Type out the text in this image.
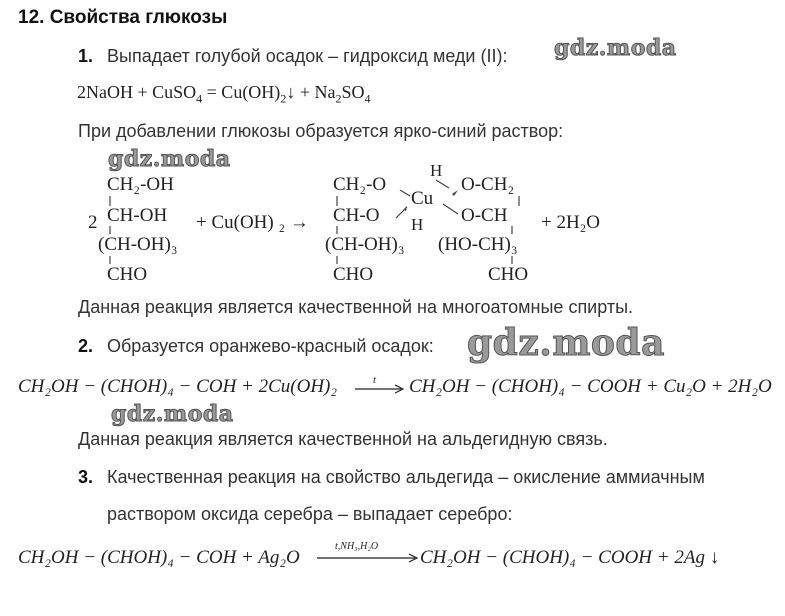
12. Свойства глюкозы
1. Выпадает голубой осадок – гидроксид меди (II): gdz.moda
2NaOH + CuSO$_4$ = $Cu(OH)_2↓ + Na_2SO_4$
При добавлении глюкозы образуется ярко-синий раствор:
gdz.moda
2
CH₂-OH
CH-OH
(CH-OH)₃
CHO
+ Cu(OH) ₂ →
CH₂-O
CH-O
(CH-OH)₃
CHO
H
Cu
H
O-CH₂
O-CH
(HO-CH)₃
CHO
+ 2H₂O
Данная реакция является качественной на многоатомные спирты.
2. Образуется оранжево-красный осадок: gdz.moda
CH₂OH − (CHOH)₄ − COH + 2Cu(OH)₂	t CH₂OH − (CHOH)₄ − COOH + Cu₂O + 2H₂O
gdz.moda
Данная реакция является качественной на альдегидную связь.
3. Качественная реакция на свойство альдегида – окисление аммиачным
раствором оксида серебра – выпадает серебро:
CH₂OH − (CHOH)₄ − COH + Ag₂O
t,NH₃,H₂O
CH₂OH − (CHOH)₄ − COOH + 2Ag ↓
